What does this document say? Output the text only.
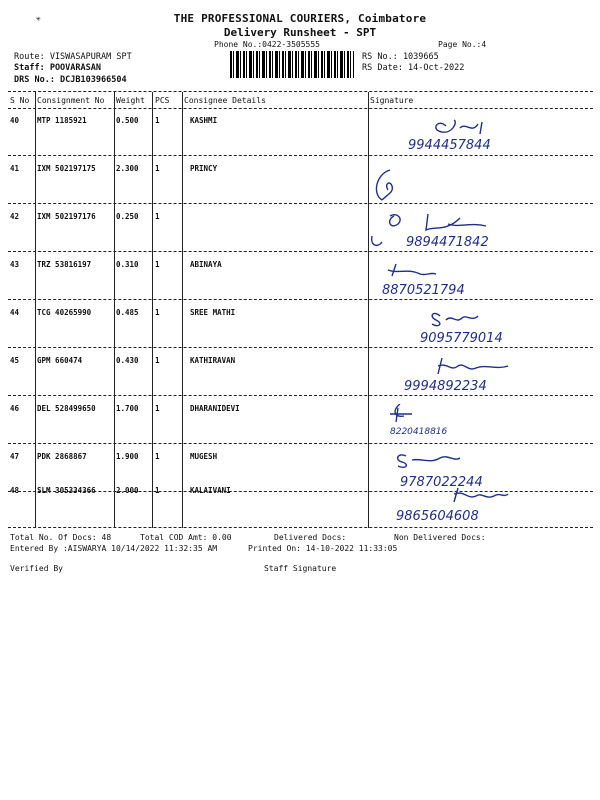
✳	THE PROFESSIONAL COURIERS, Coimbatore
Delivery Runsheet - SPT
Phone No.:0422-3505555	Page No.:4
Route: VISWASAPURAM SPT
Staff: POOVARASAN
DRS No.: DCJB103966504
RS No.: 1039665
RS Date: 14-Oct-2022
S No Consignment No Weight PCS Consignee Details	Signature
40 MTP 1185921	0.500 1	KASHMI
9944457844
41 IXM 502197175	2.300 1	PRINCY
42 IXM 502197176	0.250 1
9894471842
43 TRZ 53816197	0.310 1	ABINAYA
8870521794
44 TCG 40265990	0.485 1	SREE MATHI
9095779014
45 GPM 660474	0.430 1	KATHIRAVAN
9994892234
46 DEL 528499650	1.700 1	DHARANIDEVI
8220418816
47 PDK 2868867	1.900 1	MUGESH
9787022244
48 SLM 305334366	2.000 1	KALAIVANI
9865604608
Total No. Of Docs: 48	Total COD Amt: 0.00	Delivered Docs:	Non Delivered Docs:
Entered By :AISWARYA 10/14/2022 11:32:35 AM	Printed On: 14-10-2022 11:33:05
Verified By	Staff Signature
